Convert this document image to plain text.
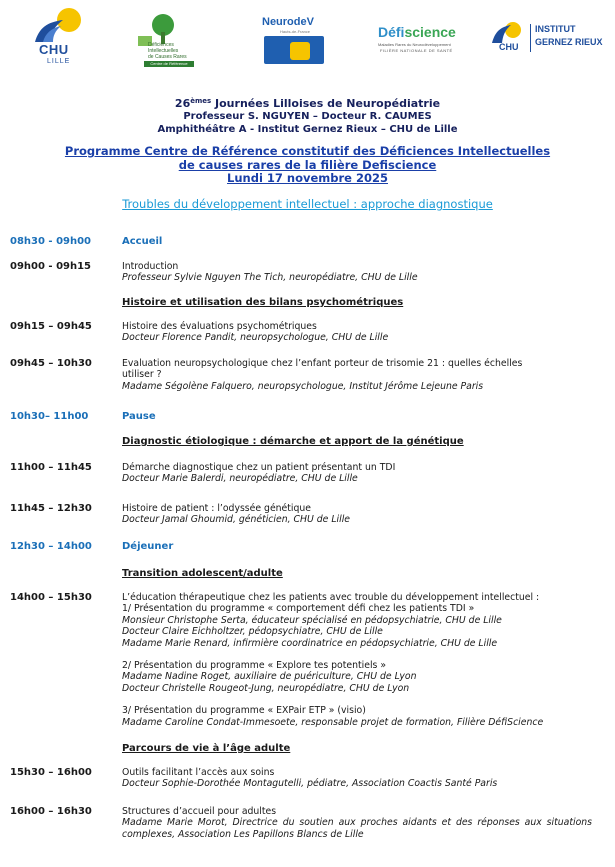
CHU
LILLE
Déficiences
Intellectuelles
de Causes Rares
Centre de Référence
NeurodeV
Hauts-de-France	Défiscience
Maladies Rares du Neurodéveloppement
FILIÈRE NATIONALE DE SANTÉ	CHU
INSTITUT
GERNEZ RIEUX
26èmes Journées Lilloises de Neuropédiatrie
Professeur S. NGUYEN – Docteur R. CAUMES
Amphithéâtre A - Institut Gernez Rieux – CHU de Lille
Programme Centre de Référence constitutif des Déficiences Intellectuelles
de causes rares de la filière Defiscience
Lundi 17 novembre 2025
Troubles du développement intellectuel : approche diagnostique
08h30 - 09h00	Accueil
09h00 - 09h15	Introduction
Professeur Sylvie Nguyen The Tich, neuropédiatre, CHU de Lille
Histoire et utilisation des bilans psychométriques
09h15 – 09h45	Histoire des évaluations psychométriques
Docteur Florence Pandit, neuropsychologue, CHU de Lille
09h45 – 10h30	Evaluation neuropsychologique chez l’enfant porteur de trisomie 21 : quelles échelles
utiliser ?
Madame Ségolène Falquero, neuropsychologue, Institut Jérôme Lejeune Paris
10h30– 11h00	Pause
Diagnostic étiologique : démarche et apport de la génétique
11h00 – 11h45	Démarche diagnostique chez un patient présentant un TDI
Docteur Marie Balerdi, neuropédiatre, CHU de Lille
11h45 – 12h30	Histoire de patient : l’odyssée génétique
Docteur Jamal Ghoumid, généticien, CHU de Lille
12h30 – 14h00	Déjeuner
Transition adolescent/adulte
14h00 – 15h30	L’éducation thérapeutique chez les patients avec trouble du développement intellectuel :
1/ Présentation du programme « comportement défi chez les patients TDI »
Monsieur Christophe Serta, éducateur spécialisé en pédopsychiatrie, CHU de Lille
Docteur Claire Eichholtzer, pédopsychiatre, CHU de Lille
Madame Marie Renard, infirmière coordinatrice en pédopsychiatrie, CHU de Lille
2/ Présentation du programme « Explore tes potentiels »
Madame Nadine Roget, auxiliaire de puériculture, CHU de Lyon
Docteur Christelle Rougeot-Jung, neuropédiatre, CHU de Lyon
3/ Présentation du programme « EXPair ETP » (visio)
Madame Caroline Condat-Immesoete, responsable projet de formation, Filière DéfiScience
Parcours de vie à l’âge adulte
15h30 – 16h00	Outils facilitant l’accès aux soins
Docteur Sophie-Dorothée Montagutelli, pédiatre, Association Coactis Santé Paris
16h00 – 16h30	Structures d’accueil pour adultes
Madame Marie Morot, Directrice du soutien aux proches aidants et des réponses aux situations complexes, Association Les Papillons Blancs de Lille
